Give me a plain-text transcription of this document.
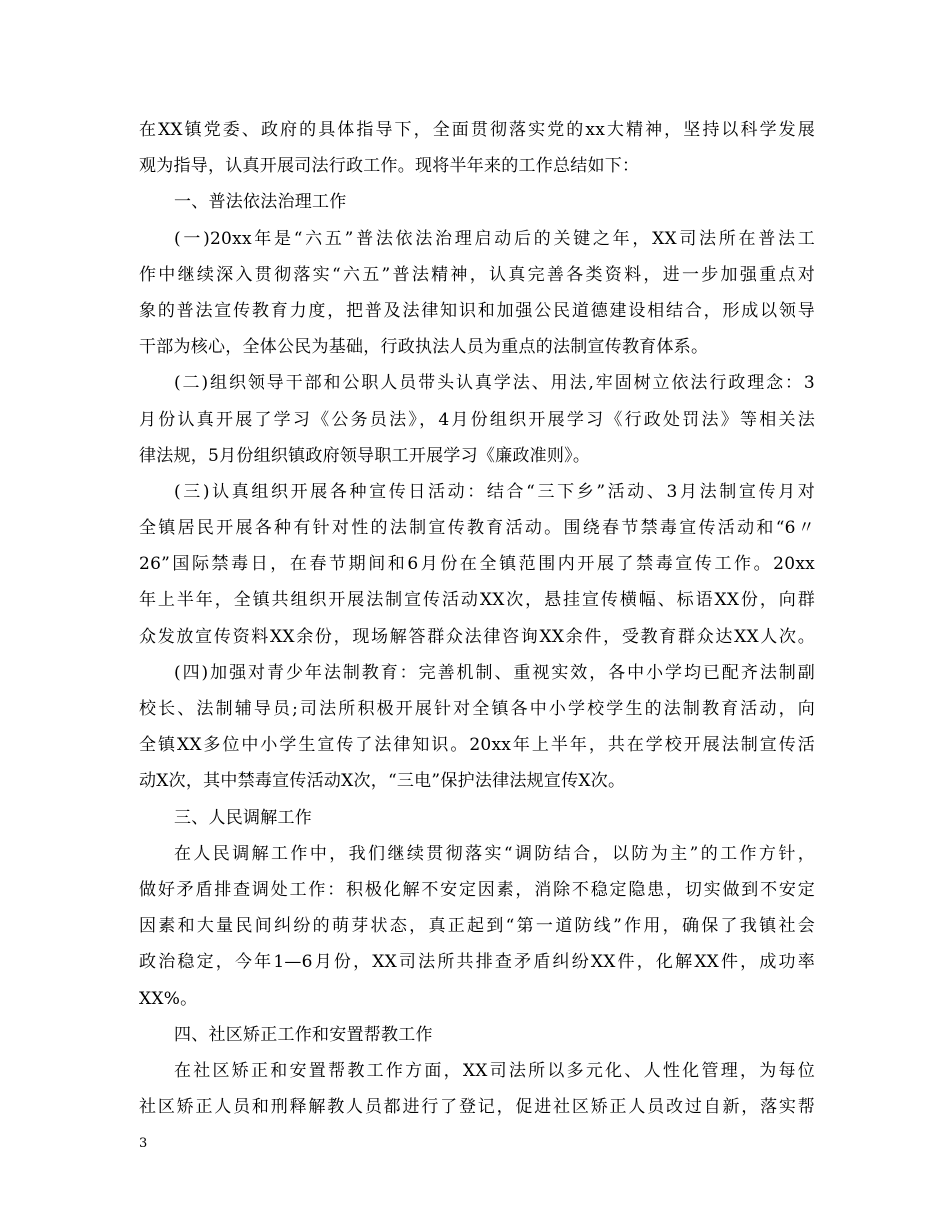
在XX镇党委、政府的具体指导下，全面贯彻落实党的xx大精神，坚持以科学发展
观为指导，认真开展司法行政工作。现将半年来的工作总结如下：
一、普法依法治理工作
(一)20xx年是“六五”普法依法治理启动后的关键之年，XX司法所在普法工
作中继续深入贯彻落实“六五”普法精神，认真完善各类资料，进一步加强重点对
象的普法宣传教育力度，把普及法律知识和加强公民道德建设相结合，形成以领导
干部为核心，全体公民为基础，行政执法人员为重点的法制宣传教育体系。
(二)组织领导干部和公职人员带头认真学法、用法,牢固树立依法行政理念：3
月份认真开展了学习《公务员法》，4月份组织开展学习《行政处罚法》等相关法
律法规，5月份组织镇政府领导职工开展学习《廉政准则》。
(三)认真组织开展各种宣传日活动：结合“三下乡”活动、3月法制宣传月对
全镇居民开展各种有针对性的法制宣传教育活动。围绕春节禁毒宣传活动和“6〃
26”国际禁毒日，在春节期间和6月份在全镇范围内开展了禁毒宣传工作。20xx
年上半年，全镇共组织开展法制宣传活动XX次，悬挂宣传横幅、标语XX份，向群
众发放宣传资料XX余份，现场解答群众法律咨询XX余件，受教育群众达XX人次。
(四)加强对青少年法制教育：完善机制、重视实效，各中小学均已配齐法制副
校长、法制辅导员;司法所积极开展针对全镇各中小学校学生的法制教育活动，向
全镇XX多位中小学生宣传了法律知识。20xx年上半年，共在学校开展法制宣传活
动X次，其中禁毒宣传活动X次，“三电”保护法律法规宣传X次。
三、人民调解工作
在人民调解工作中，我们继续贯彻落实“调防结合，以防为主”的工作方针，
做好矛盾排查调处工作：积极化解不安定因素，消除不稳定隐患，切实做到不安定
因素和大量民间纠纷的萌芽状态，真正起到“第一道防线”作用，确保了我镇社会
政治稳定，今年1—6月份，XX司法所共排查矛盾纠纷XX件，化解XX件，成功率
XX%。
四、社区矫正工作和安置帮教工作
在社区矫正和安置帮教工作方面，XX司法所以多元化、人性化管理，为每位
社区矫正人员和刑释解教人员都进行了登记，促进社区矫正人员改过自新，落实帮
3
